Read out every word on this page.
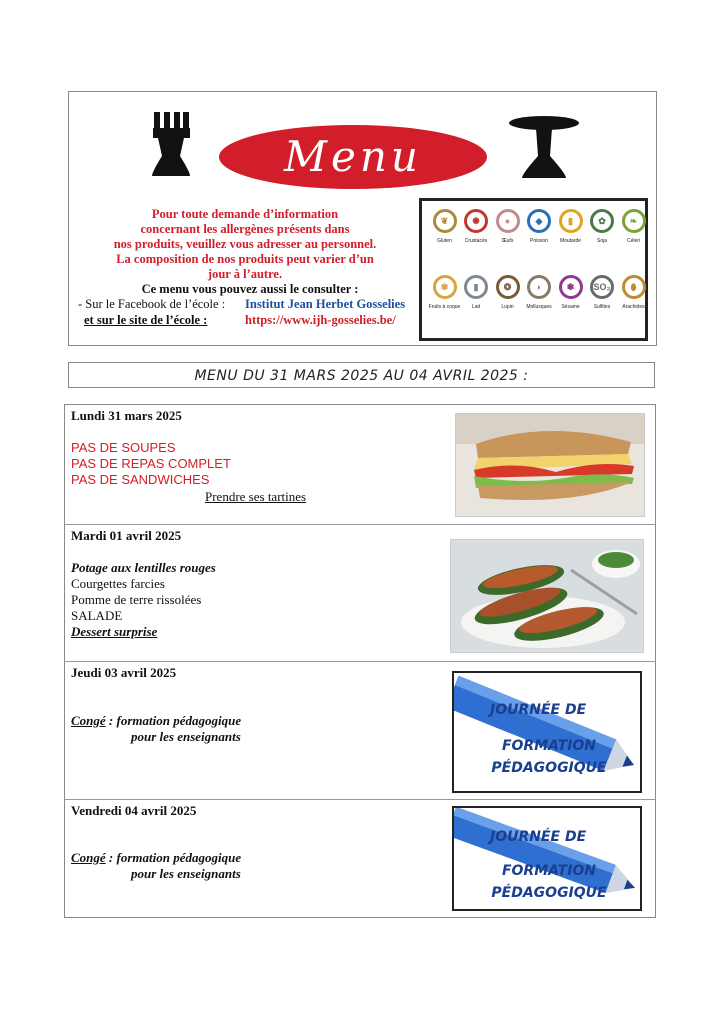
Menu
Pour toute demande d’information
concernant les allergènes présents dans
nos produits, veuillez vous adresser au personnel.
La composition de nos produits peut varier d’un
jour à l’autre.
Ce menu vous pouvez aussi le consulter :
- Sur le Facebook de l’école : Institut Jean Herbet Gosselies
et sur le site de l’école :	https://www.ijh-gosselies.be/
❦
Gluten
✺
Crustacés
●
Œufs
◆
Poisson
▮
Moutarde
✿
Soja
❧
Céleri
✾
Fruits à coque
▮
Lait
❂
Lupin
◗
Mollusques
✽
Sésame
SO₂
Sulfites
⬮
Arachides
MENU DU 31 MARS 2025 AU 04 AVRIL 2025 :
Lundi 31 mars 2025
PAS DE SOUPES
PAS DE REPAS COMPLET
PAS DE SANDWICHES
Prendre ses tartines
Mardi 01 avril 2025
Potage aux lentilles rouges
Courgettes farcies
Pomme de terre rissolées
SALADE
Dessert surprise
Jeudi 03 avril 2025
Congé : formation pédagogique
pour les enseignants
JOURNÉE DE
FORMATION PÉDAGOGIQUE
Vendredi 04 avril 2025
Congé : formation pédagogique
pour les enseignants
JOURNÉE DE
FORMATION PÉDAGOGIQUE
